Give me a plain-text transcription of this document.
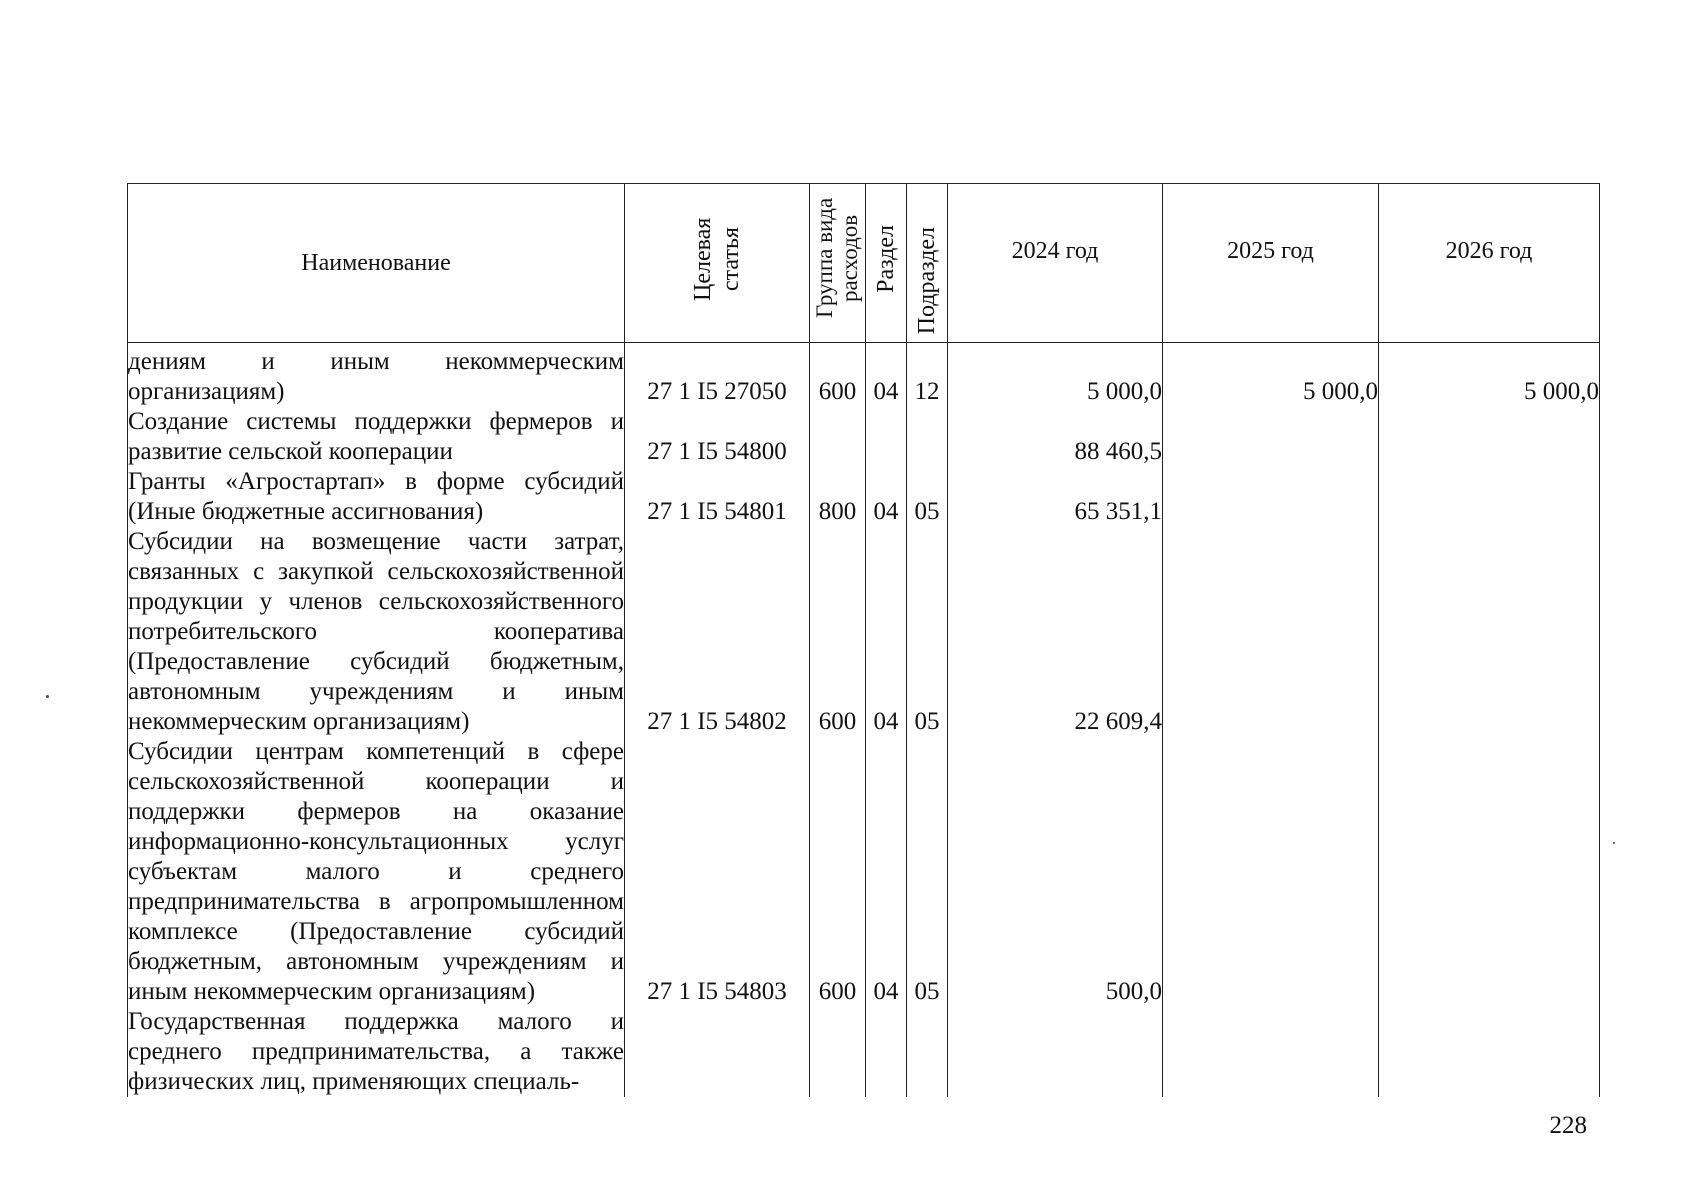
Наименование	Целевая статья	Группа вида расходов	Раздел	Подраздел	2024 год	2025 год	2026 год
дениям и иным некоммерческим организациям)	27 1 I5 27050	600	04	12	5 000,0	5 000,0	5 000,0
Создание системы поддержки фермеров и развитие сельской кооперации	27 1 I5 54800				88 460,5		
Гранты «Агростартап» в форме субсидий (Иные бюджетные ассигнования)	27 1 I5 54801	800	04	05	65 351,1		
Субсидии на возмещение части затрат, связанных с закупкой сельскохозяйственной продукции у членов сельскохозяйственного потребительского кооператива (Предоставление субсидий бюджетным, автономным учреждениям и иным некоммерческим организациям)	27 1 I5 54802	600	04	05	22 609,4		
Субсидии центрам компетенций в сфере сельскохозяйственной кооперации и поддержки фермеров на оказание информационно-консультационных услуг субъектам малого и среднего предпринимательства в агропромышленном комплексе (Предоставление субсидий бюджетным, автономным учреждениям и иным некоммерческим организациям)	27 1 I5 54803	600	04	05	500,0		
Государственная поддержка малого и среднего предпринимательства, а также физических лиц, применяющих специаль-							
228
